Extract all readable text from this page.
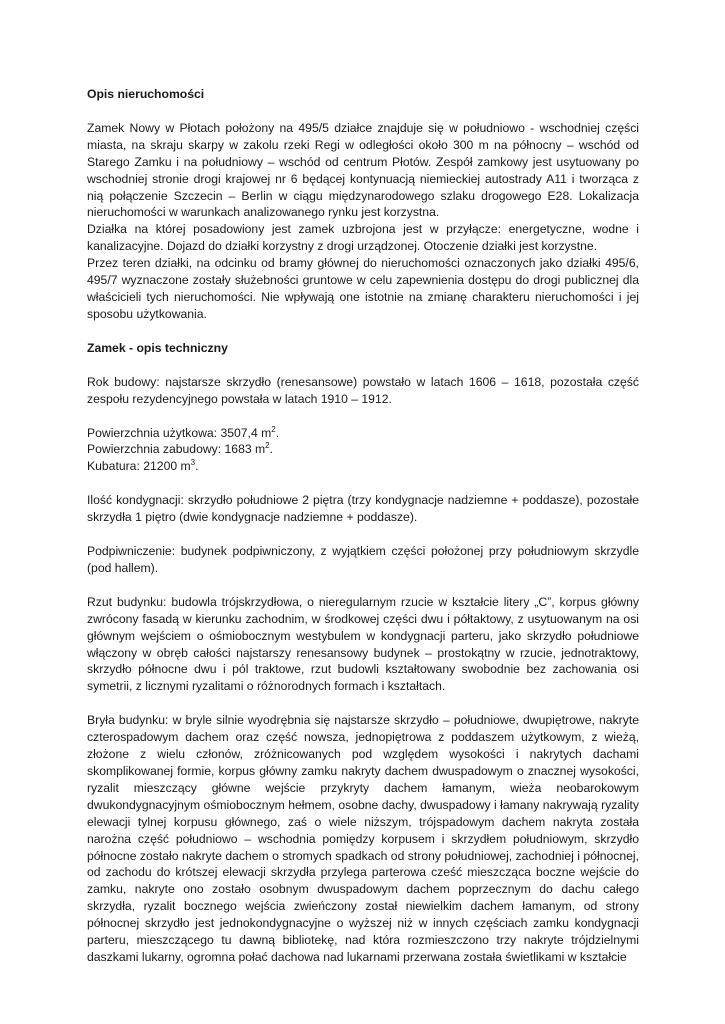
Opis nieruchomości

Zamek Nowy w Płotach położony na 495/5 działce znajduje się w południowo - wschodniej części miasta, na skraju skarpy w zakolu rzeki Regi w odległości około 300 m na północny – wschód od Starego Zamku i na południowy – wschód od centrum Płotów. Zespół zamkowy jest usytuowany po wschodniej stronie drogi krajowej nr 6 będącej kontynuacją niemieckiej autostrady A11 i tworząca z nią połączenie Szczecin – Berlin w ciągu międzynarodowego szlaku drogowego E28. Lokalizacja nieruchomości w warunkach analizowanego rynku jest korzystna.

Działka na której posadowiony jest zamek uzbrojona jest w przyłącze: energetyczne, wodne i kanalizacyjne. Dojazd do działki korzystny z drogi urządzonej. Otoczenie działki jest korzystne.

Przez teren działki, na odcinku od bramy głównej do nieruchomości oznaczonych jako działki 495/6, 495/7 wyznaczone zostały służebności gruntowe w celu zapewnienia dostępu do drogi publicznej dla właścicieli tych nieruchomości. Nie wpływają one istotnie na zmianę charakteru nieruchomości i jej sposobu użytkowania.

Zamek - opis techniczny

Rok budowy: najstarsze skrzydło (renesansowe) powstało w latach 1606 – 1618, pozostała część zespołu rezydencyjnego powstała w latach 1910 – 1912.

Powierzchnia użytkowa: 3507,4 $m^2$.

Powierzchnia zabudowy: 1683 $m^2$.

Kubatura: 21200 $m^3$.

Ilość kondygnacji: skrzydło południowe 2 piętra (trzy kondygnacje nadziemne + poddasze), pozostałe skrzydła 1 piętro (dwie kondygnacje nadziemne + poddasze).

Podpiwniczenie: budynek podpiwniczony, z wyjątkiem części położonej przy południowym skrzydle (pod hallem).

Rzut budynku: budowla trójskrzydłowa, o nieregularnym rzucie w kształcie litery „C”, korpus główny zwrócony fasadą w kierunku zachodnim, w środkowej części dwu i półtaktowy, z usytuowanym na osi głównym wejściem o ośmiobocznym westybulem w kondygnacji parteru, jako skrzydło południowe włączony w obręb całości najstarszy renesansowy budynek – prostokątny w rzucie, jednotraktowy, skrzydło północne dwu i pól traktowe, rzut budowli kształtowany swobodnie bez zachowania osi symetrii, z licznymi ryzalitami o różnorodnych formach i kształtach.

Bryła budynku: w bryle silnie wyodrębnia się najstarsze skrzydło – południowe, dwupiętrowe, nakryte czterospadowym dachem oraz część nowsza, jednopiętrowa z poddaszem użytkowym, z wieżą, złożone z wielu członów, zróżnicowanych pod względem wysokości i nakrytych dachami skomplikowanej formie, korpus główny zamku nakryty dachem dwuspadowym o znacznej wysokości, ryzalit mieszczący główne wejście przykryty dachem łamanym, wieża neobarokowym dwukondygnacyjnym ośmiobocznym hełmem, osobne dachy, dwuspadowy i łamany nakrywają ryzality elewacji tylnej korpusu głównego, zaś o wiele niższym, trójspadowym dachem nakryta została narożna część południowo – wschodnia pomiędzy korpusem i skrzydłem południowym, skrzydło północne zostało nakryte dachem o stromych spadkach od strony południowej, zachodniej i północnej, od zachodu do krótszej elewacji skrzydła przylega parterowa cześć mieszcząca boczne wejście do zamku, nakryte ono zostało osobnym dwuspadowym dachem poprzecznym do dachu całego skrzydła, ryzalit bocznego wejścia zwieńczony został niewielkim dachem łamanym, od strony północnej skrzydło jest jednokondygnacyjne o wyższej niż w innych częściach zamku kondygnacji parteru, mieszczącego tu dawną bibliotekę, nad która rozmieszczono trzy nakryte trójdzielnymi daszkami lukarny, ogromna połać dachowa nad lukarnami przerwana została świetlikami w kształcie
